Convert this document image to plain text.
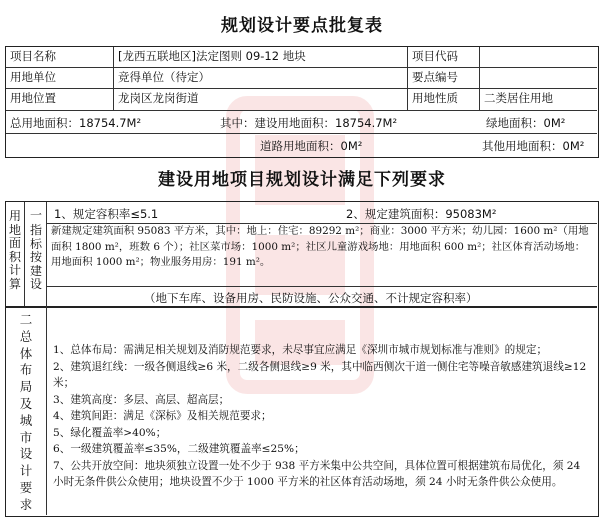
规划设计要点批复表
项目名称	[龙西五联地区]法定图则 09-12 地块	项目代码
用地单位	竞得单位（待定）	要点编号
用地位置	龙岗区龙岗街道	用地性质	二类居住用地
总用地面积：18754.7M²	其中：建设用地面积：18754.7M²	绿地面积：0M²
道路用地面积：0M²	其他用地面积：0M²
建设用地项目规划设计满足下列要求
用地面积计算
一
指标按建设
1、规定容积率≤5.1	2、规定建筑面积：95083M²
新建规定建筑面积 95083 平方米，其中：地上：住宅：89292 m²；商业：3000 平方米；幼儿园：1600 m²（用地面积 1800 m²，班数 6 个）；社区菜市场：1000 m²；社区儿童游戏场地：用地面积 600 m²；社区体育活动场地：用地面积 1000 m²；物业服务用房：191 m²。
（地下车库、设备用房、民防设施、公众交通、不计规定容积率）
二总体布局及城市设计要求
1、总体布局：需满足相关规划及消防规范要求，未尽事宜应满足《深圳市城市规划标准与准则》的规定；
2、建筑退红线：一级各侧退线≥6 米，二级各侧退线≥9 米，其中临西侧次干道一侧住宅等噪音敏感建筑退线≥12 米；
3、建筑高度：多层、高层、超高层；
4、建筑间距：满足《深标》及相关规范要求；
5、绿化覆盖率>40%；
6、一级建筑覆盖率≤35%，二级建筑覆盖率≤25%；
7、公共开放空间：地块须独立设置一处不少于 938 平方米集中公共空间，具体位置可根据建筑布局优化，须 24 小时无条件供公众使用；地块设置不少于 1000 平方米的社区体育活动场地，须 24 小时无条件供公众使用。
